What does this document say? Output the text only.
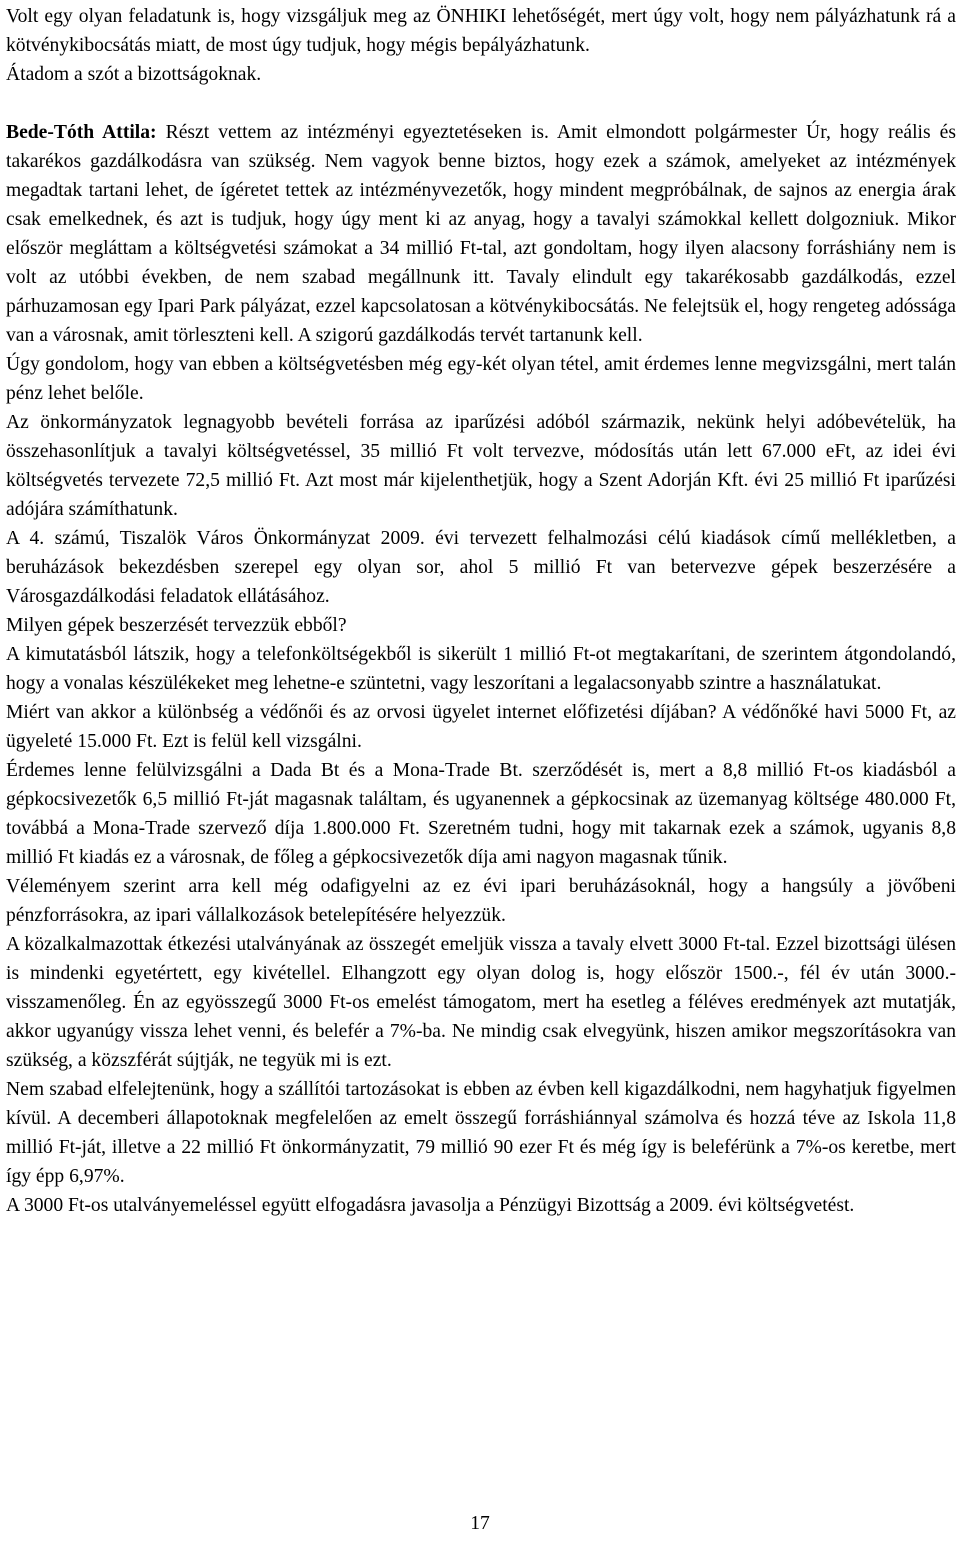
Volt egy olyan feladatunk is, hogy vizsgáljuk meg az ÖNHIKI lehetőségét, mert úgy volt, hogy nem pályázhatunk rá a kötvénykibocsátás miatt, de most úgy tudjuk, hogy mégis bepályázhatunk.

Átadom a szót a bizottságoknak.

Bede-Tóth Attila: Részt vettem az intézményi egyeztetéseken is. Amit elmondott polgármester Úr, hogy reális és takarékos gazdálkodásra van szükség. Nem vagyok benne biztos, hogy ezek a számok, amelyeket az intézmények megadtak tartani lehet, de ígéretet tettek az intézményvezetők, hogy mindent megpróbálnak, de sajnos az energia árak csak emelkednek, és azt is tudjuk, hogy úgy ment ki az anyag, hogy a tavalyi számokkal kellett dolgozniuk. Mikor először megláttam a költségvetési számokat a 34 millió Ft-tal, azt gondoltam, hogy ilyen alacsony forráshiány nem is volt az utóbbi években, de nem szabad megállnunk itt. Tavaly elindult egy takarékosabb gazdálkodás, ezzel párhuzamosan egy Ipari Park pályázat, ezzel kapcsolatosan a kötvénykibocsátás. Ne felejtsük el, hogy rengeteg adóssága van a városnak, amit törleszteni kell. A szigorú gazdálkodás tervét tartanunk kell.

Úgy gondolom, hogy van ebben a költségvetésben még egy-két olyan tétel, amit érdemes lenne megvizsgálni, mert talán pénz lehet belőle.

Az önkormányzatok legnagyobb bevételi forrása az iparűzési adóból származik, nekünk helyi adóbevételük, ha összehasonlítjuk a tavalyi költségvetéssel, 35 millió Ft volt tervezve, módosítás után lett 67.000 eFt, az idei évi költségvetés tervezete 72,5 millió Ft. Azt most már kijelenthetjük, hogy a Szent Adorján Kft. évi 25 millió Ft iparűzési adójára számíthatunk.

A 4. számú, Tiszalök Város Önkormányzat 2009. évi tervezett felhalmozási célú kiadások című mellékletben, a beruházások bekezdésben szerepel egy olyan sor, ahol 5 millió Ft van betervezve gépek beszerzésére a Városgazdálkodási feladatok ellátásához.

Milyen gépek beszerzését tervezzük ebből?

A kimutatásból látszik, hogy a telefonköltségekből is sikerült 1 millió Ft-ot megtakarítani, de szerintem átgondolandó, hogy a vonalas készülékeket meg lehetne-e szüntetni, vagy leszorítani a legalacsonyabb szintre a használatukat.

Miért van akkor a különbség a védőnői és az orvosi ügyelet internet előfizetési díjában? A védőnőké havi 5000 Ft, az ügyeleté 15.000 Ft. Ezt is felül kell vizsgálni.

Érdemes lenne felülvizsgálni a Dada Bt és a Mona-Trade Bt. szerződését is, mert a 8,8 millió Ft-os kiadásból a gépkocsivezetők 6,5 millió Ft-ját magasnak találtam, és ugyanennek a gépkocsinak az üzemanyag költsége 480.000 Ft, továbbá a Mona-Trade szervező díja 1.800.000 Ft. Szeretném tudni, hogy mit takarnak ezek a számok, ugyanis 8,8 millió Ft kiadás ez a városnak, de főleg a gépkocsivezetők díja ami nagyon magasnak tűnik.

Véleményem szerint arra kell még odafigyelni az ez évi ipari beruházásoknál, hogy a hangsúly a jövőbeni pénzforrásokra, az ipari vállalkozások betelepítésére helyezzük.

A közalkalmazottak étkezési utalványának az összegét emeljük vissza a tavaly elvett 3000 Ft-tal. Ezzel bizottsági ülésen is mindenki egyetértett, egy kivétellel. Elhangzott egy olyan dolog is, hogy először 1500.-, fél év után 3000.- visszamenőleg. Én az egyösszegű 3000 Ft-os emelést támogatom, mert ha esetleg a féléves eredmények azt mutatják, akkor ugyanúgy vissza lehet venni, és belefér a 7%-ba. Ne mindig csak elvegyünk, hiszen amikor megszorításokra van szükség, a közszférát sújtják, ne tegyük mi is ezt.

Nem szabad elfelejtenünk, hogy a szállítói tartozásokat is ebben az évben kell kigazdálkodni, nem hagyhatjuk figyelmen kívül. A decemberi állapotoknak megfelelően az emelt összegű forráshiánnyal számolva és hozzá téve az Iskola 11,8 millió Ft-ját, illetve a 22 millió Ft önkormányzatit, 79 millió 90 ezer Ft és még így is beleférünk a 7%-os keretbe, mert így épp 6,97%.

A 3000 Ft-os utalványemeléssel együtt elfogadásra javasolja a Pénzügyi Bizottság a 2009. évi költségvetést.

17
